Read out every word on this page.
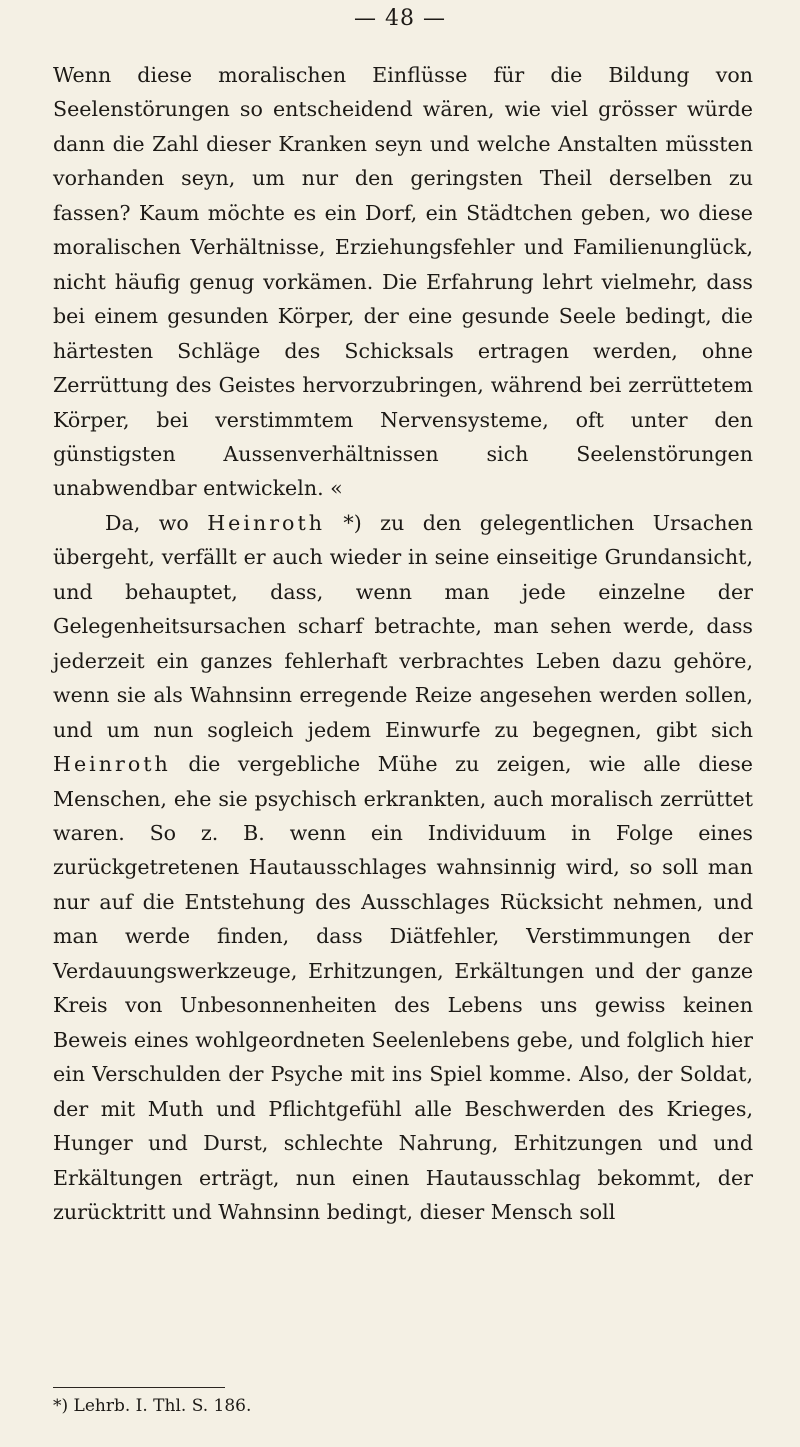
— 48 —

Wenn diese moralischen Einflüsse für die Bildung von Seelenstörungen so entscheidend wären, wie viel grösser würde dann die Zahl dieser Kranken seyn und welche Anstalten müssten vorhanden seyn, um nur den geringsten Theil derselben zu fassen? Kaum möchte es ein Dorf, ein Städtchen geben, wo diese moralischen Verhältnisse, Erziehungsfehler und Familienunglück, nicht häufig genug vorkämen. Die Erfahrung lehrt vielmehr, dass bei einem gesunden Körper, der eine gesunde Seele bedingt, die härtesten Schläge des Schicksals ertragen werden, ohne Zerrüttung des Geistes hervorzubringen, während bei zerrüttetem Körper, bei verstimmtem Nervensysteme, oft unter den günstigsten Aussenverhältnissen sich Seelenstörungen unabwendbar entwickeln. «

Da, wo Heinroth *) zu den gelegentlichen Ursachen übergeht, verfällt er auch wieder in seine einseitige Grundansicht, und behauptet, dass, wenn man jede einzelne der Gelegenheitsursachen scharf betrachte, man sehen werde, dass jederzeit ein ganzes fehlerhaft verbrachtes Leben dazu gehöre, wenn sie als Wahnsinn erregende Reize angesehen werden sollen, und um nun sogleich jedem Einwurfe zu begegnen, gibt sich Heinroth die vergebliche Mühe zu zeigen, wie alle diese Menschen, ehe sie psychisch erkrankten, auch moralisch zerrüttet waren. So z. B. wenn ein Individuum in Folge eines zurückgetretenen Hautausschlages wahnsinnig wird, so soll man nur auf die Entstehung des Ausschlages Rücksicht nehmen, und man werde finden, dass Diätfehler, Verstimmungen der Verdauungswerkzeuge, Erhitzungen, Erkältungen und der ganze Kreis von Unbesonnenheiten des Lebens uns gewiss keinen Beweis eines wohlgeordneten Seelenlebens gebe, und folglich hier ein Verschulden der Psyche mit ins Spiel komme. Also, der Soldat, der mit Muth und Pflichtgefühl alle Beschwerden des Krieges, Hunger und Durst, schlechte Nahrung, Erhitzungen und und Erkältungen erträgt, nun einen Hautausschlag bekommt, der zurücktritt und Wahnsinn bedingt, dieser Mensch soll

*) Lehrb. I. Thl. S. 186.
